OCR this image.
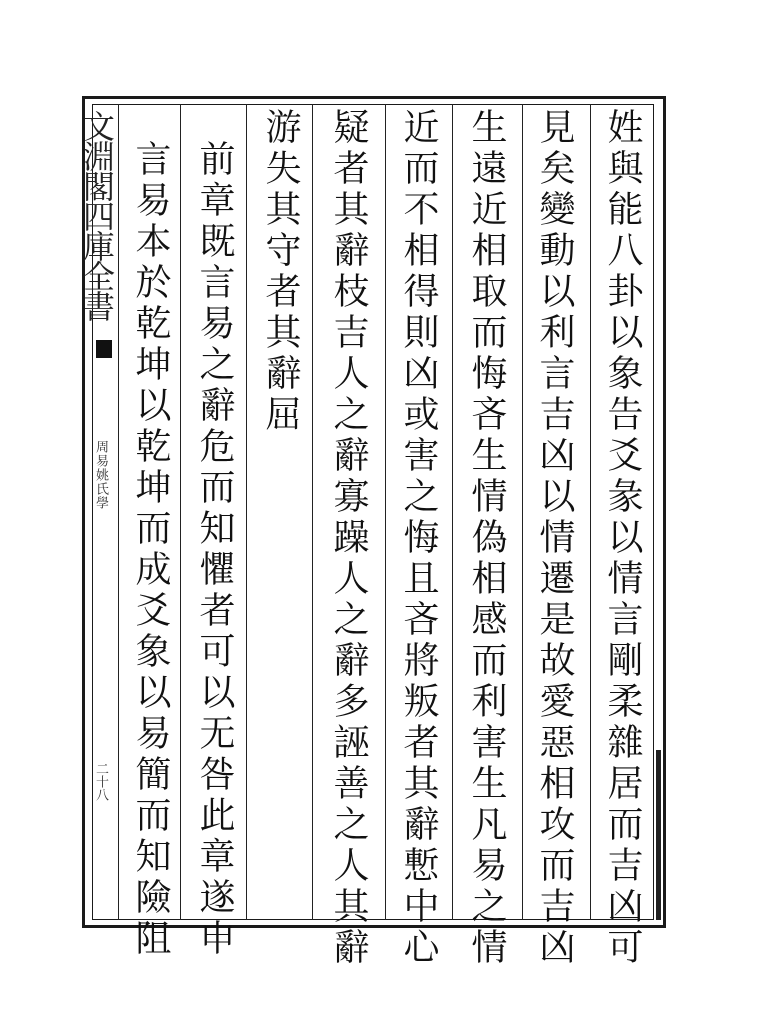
文淵閣四庫全書
周易姚氏學
二十八	姓與能八卦以象告爻彖以情言剛柔雜居而吉凶可
見矣變動以利言吉凶以情遷是故愛惡相攻而吉凶
生遠近相取而悔吝生情偽相感而利害生凡易之情
近而不相得則凶或害之悔且吝將叛者其辭慙中心
疑者其辭枝吉人之辭寡躁人之辭多誣善之人其辭
游失其守者其辭屈
前章既言易之辭危而知懼者可以无咎此章遂申
言易本於乾坤以乾坤而成爻象以易簡而知險阻
